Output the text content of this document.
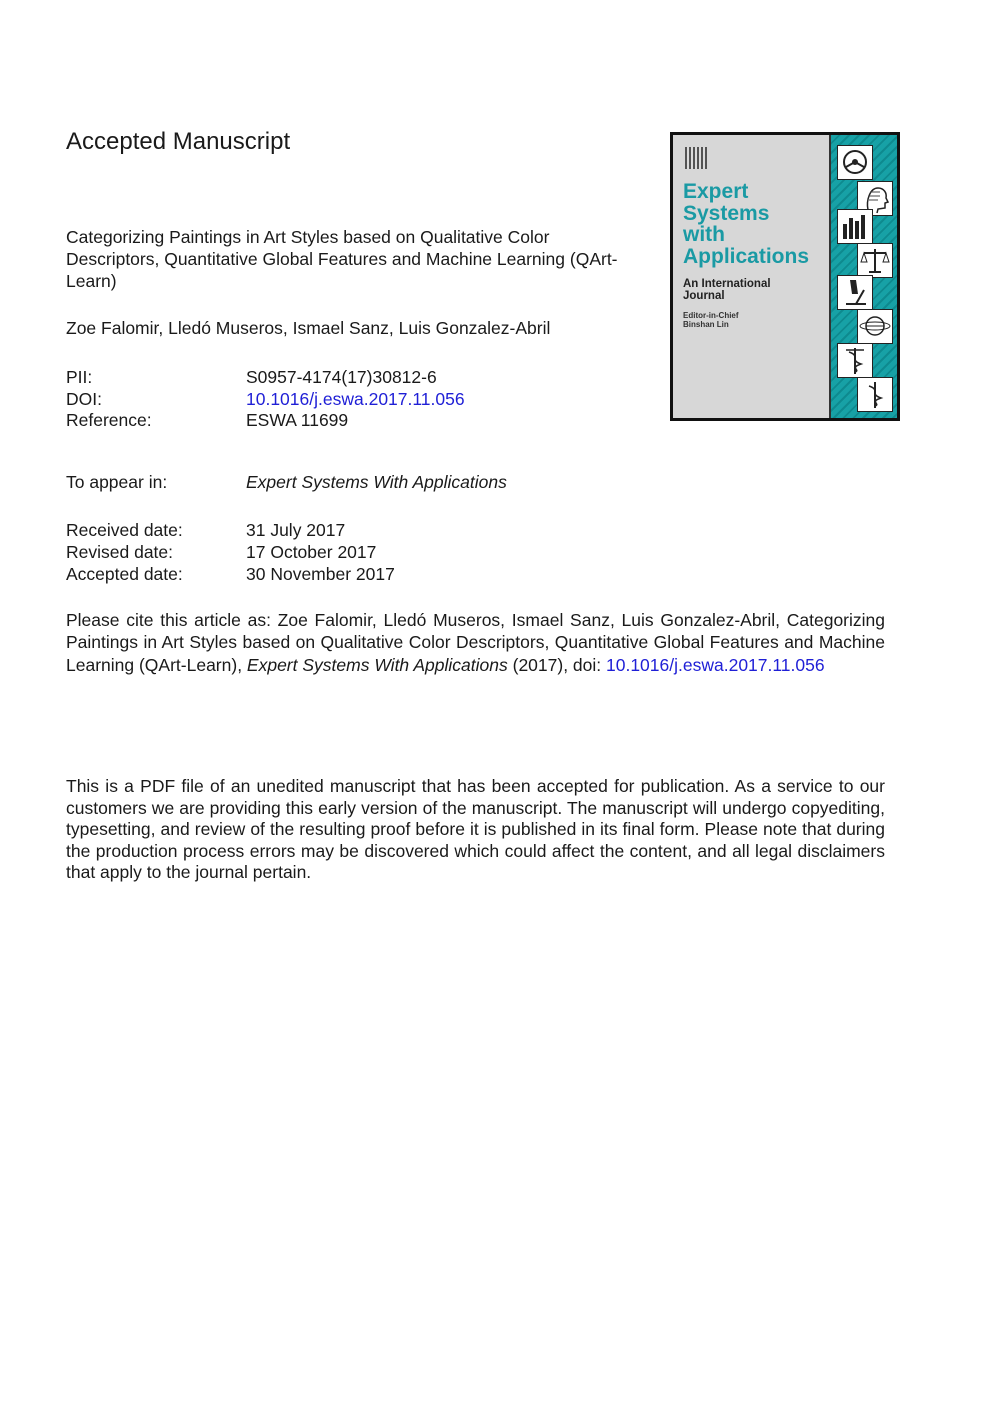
Accepted Manuscript
Categorizing Paintings in Art Styles based on Qualitative Color Descriptors, Quantitative Global Features and Machine Learning (QArt-Learn)
Zoe Falomir, Lledó Museros, Ismael Sanz, Luis Gonzalez-Abril
PII:	S0957-4174(17)30812-6
DOI:	10.1016/j.eswa.2017.11.056
Reference:	ESWA 11699
To appear in:	Expert Systems With Applications
Received date:	31 July 2017
Revised date:	17 October 2017
Accepted date:	30 November 2017
Please cite this article as: Zoe Falomir, Lledó Museros, Ismael Sanz, Luis Gonzalez-Abril, Categorizing Paintings in Art Styles based on Qualitative Color Descriptors, Quantitative Global Features and Machine Learning (QArt-Learn), Expert Systems With Applications (2017), doi: 10.1016/j.eswa.2017.11.056
This is a PDF file of an unedited manuscript that has been accepted for publication. As a service to our customers we are providing this early version of the manuscript. The manuscript will undergo copyediting, typesetting, and review of the resulting proof before it is published in its final form. Please note that during the production process errors may be discovered which could affect the content, and all legal disclaimers that apply to the journal pertain.
Expert
Systems
with
Applications
An International
Journal
Editor-in-Chief
Binshan Lin
